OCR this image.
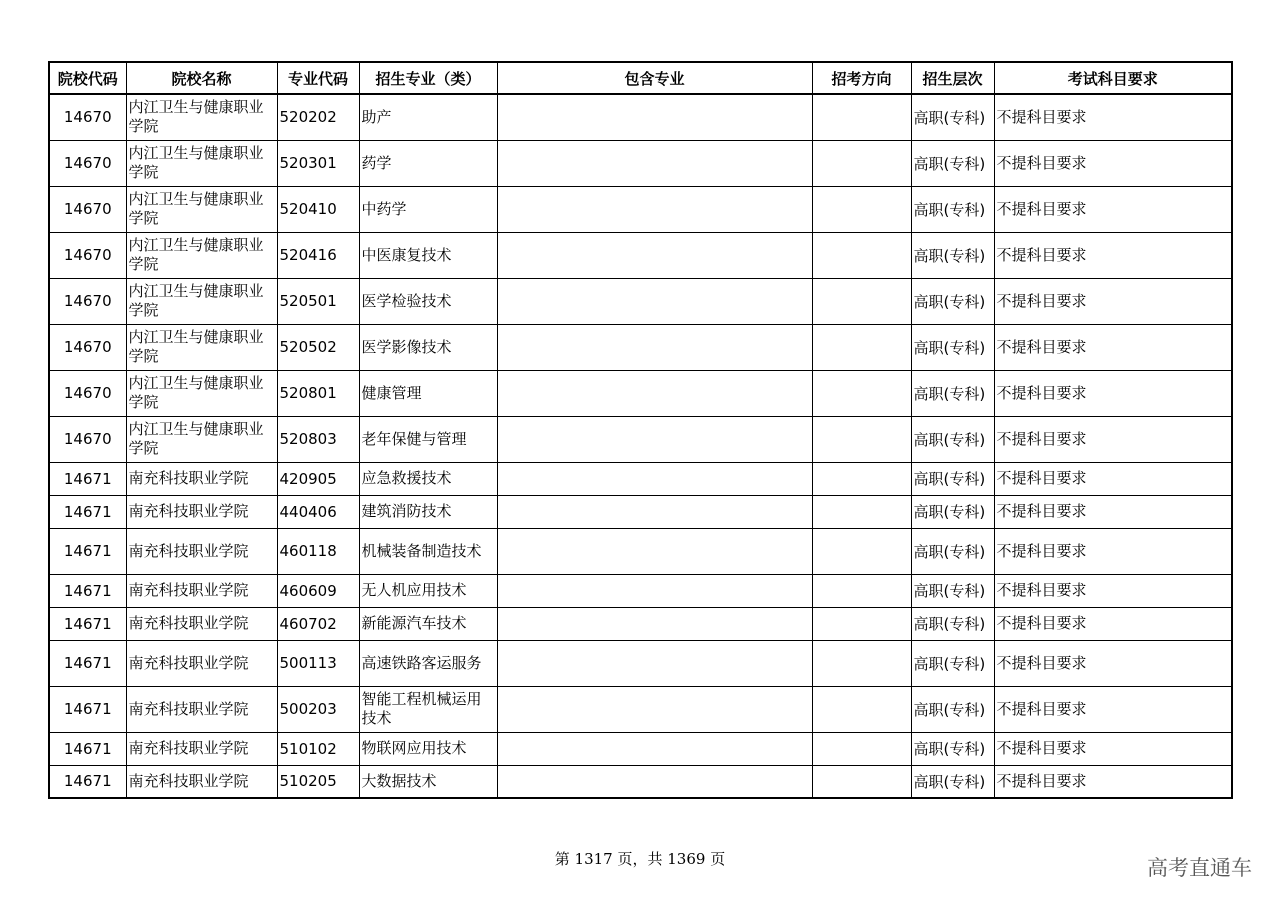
院校代码	院校名称	专业代码	招生专业（类）	包含专业	招考方向	招生层次	考试科目要求
14670	内江卫生与健康职业学院	520202	助产			高职(专科)	不提科目要求
14670	内江卫生与健康职业学院	520301	药学			高职(专科)	不提科目要求
14670	内江卫生与健康职业学院	520410	中药学			高职(专科)	不提科目要求
14670	内江卫生与健康职业学院	520416	中医康复技术			高职(专科)	不提科目要求
14670	内江卫生与健康职业学院	520501	医学检验技术			高职(专科)	不提科目要求
14670	内江卫生与健康职业学院	520502	医学影像技术			高职(专科)	不提科目要求
14670	内江卫生与健康职业学院	520801	健康管理			高职(专科)	不提科目要求
14670	内江卫生与健康职业学院	520803	老年保健与管理			高职(专科)	不提科目要求
14671	南充科技职业学院	420905	应急救援技术			高职(专科)	不提科目要求
14671	南充科技职业学院	440406	建筑消防技术			高职(专科)	不提科目要求
14671	南充科技职业学院	460118	机械装备制造技术			高职(专科)	不提科目要求
14671	南充科技职业学院	460609	无人机应用技术			高职(专科)	不提科目要求
14671	南充科技职业学院	460702	新能源汽车技术			高职(专科)	不提科目要求
14671	南充科技职业学院	500113	高速铁路客运服务			高职(专科)	不提科目要求
14671	南充科技职业学院	500203	智能工程机械运用技术			高职(专科)	不提科目要求
14671	南充科技职业学院	510102	物联网应用技术			高职(专科)	不提科目要求
14671	南充科技职业学院	510205	大数据技术			高职(专科)	不提科目要求
第 1317 页，共 1369 页	高考直通车
